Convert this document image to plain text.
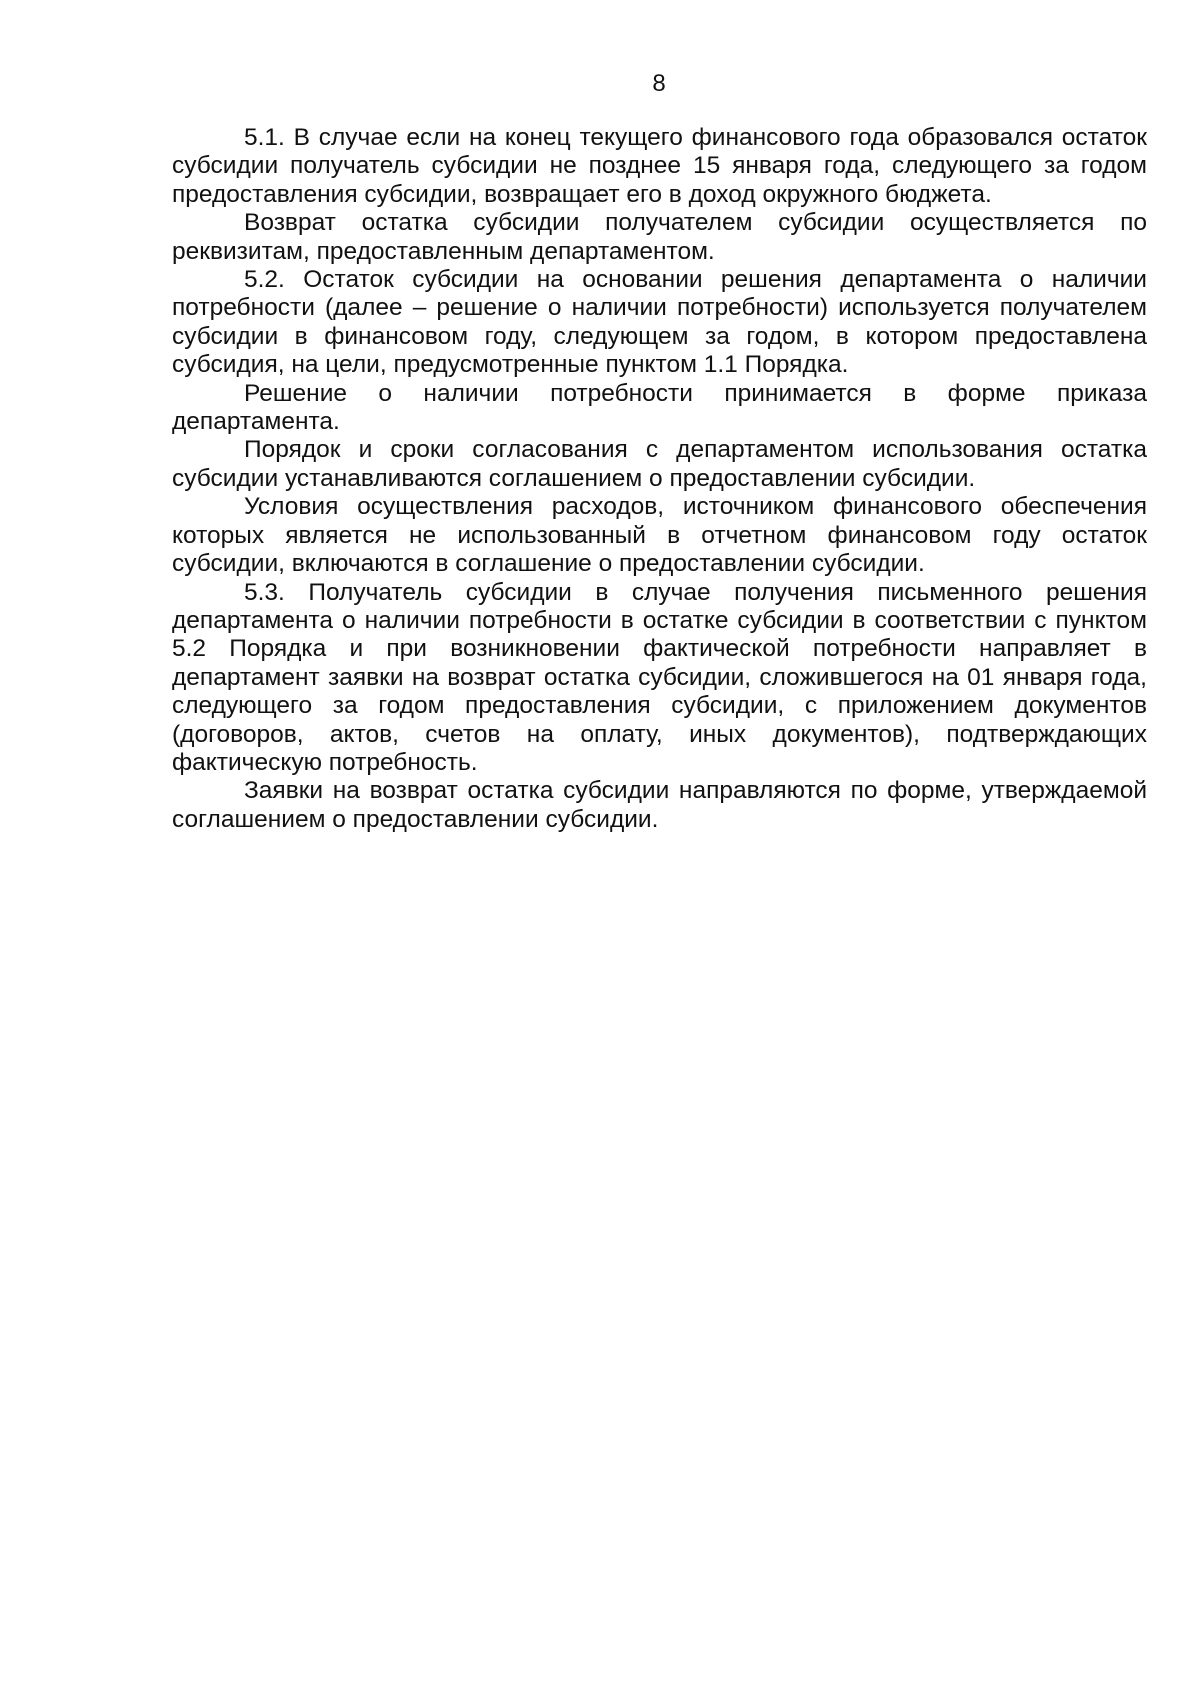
8

5.1. В случае если на конец текущего финансового года образовался остаток субсидии получатель субсидии не позднее 15 января года, следующего за годом предоставления субсидии, возвращает его в доход окружного бюджета.

Возврат остатка субсидии получателем субсидии осуществляется по реквизитам, предоставленным департаментом.

5.2. Остаток субсидии на основании решения департамента о наличии потребности (далее – решение о наличии потребности) используется получателем субсидии в финансовом году, следующем за годом, в котором предоставлена субсидия, на цели, предусмотренные пунктом 1.1 Порядка.

Решение о наличии потребности принимается в форме приказа департамента.

Порядок и сроки согласования с департаментом использования остатка субсидии устанавливаются соглашением о предоставлении субсидии.

Условия осуществления расходов, источником финансового обеспечения которых является не использованный в отчетном финансовом году остаток субсидии, включаются в соглашение о предоставлении субсидии.

5.3. Получатель субсидии в случае получения письменного решения департамента о наличии потребности в остатке субсидии в соответствии с пунктом 5.2 Порядка и при возникновении фактической потребности направляет в департамент заявки на возврат остатка субсидии, сложившегося на 01 января года, следующего за годом предоставления субсидии, с приложением документов (договоров, актов, счетов на оплату, иных документов), подтверждающих фактическую потребность.

Заявки на возврат остатка субсидии направляются по форме, утверждаемой соглашением о предоставлении субсидии.
